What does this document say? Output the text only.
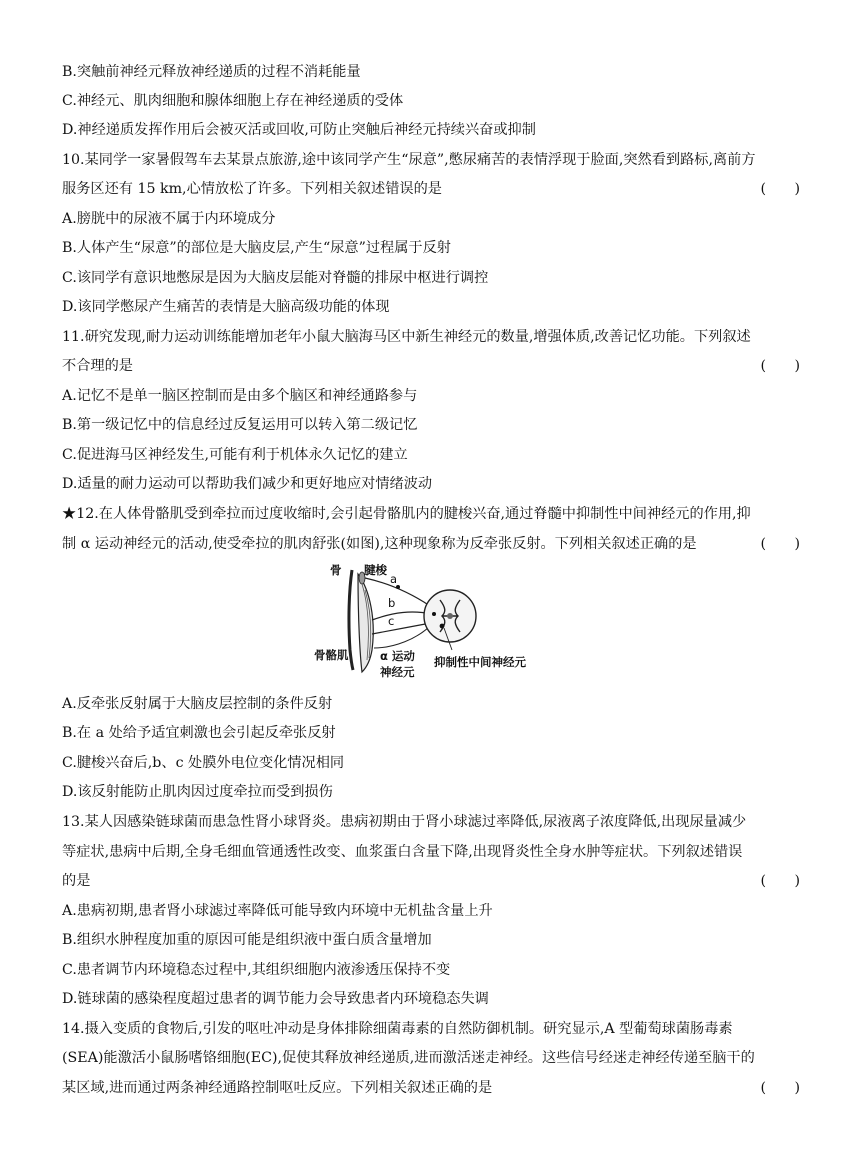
B.突触前神经元释放神经递质的过程不消耗能量
C.神经元、肌肉细胞和腺体细胞上存在神经递质的受体
D.神经递质发挥作用后会被灭活或回收,可防止突触后神经元持续兴奋或抑制
10.某同学一家暑假驾车去某景点旅游,途中该同学产生“尿意”,憋尿痛苦的表情浮现于脸面,突然看到路标,离前方
服务区还有 15 km,心情放松了许多。下列相关叙述错误的是	(　　)
A.膀胱中的尿液不属于内环境成分
B.人体产生“尿意”的部位是大脑皮层,产生“尿意”过程属于反射
C.该同学有意识地憋尿是因为大脑皮层能对脊髓的排尿中枢进行调控
D.该同学憋尿产生痛苦的表情是大脑高级功能的体现
11.研究发现,耐力运动训练能增加老年小鼠大脑海马区中新生神经元的数量,增强体质,改善记忆功能。下列叙述
不合理的是	(　　)
A.记忆不是单一脑区控制而是由多个脑区和神经通路参与
B.第一级记忆中的信息经过反复运用可以转入第二级记忆
C.促进海马区神经发生,可能有利于机体永久记忆的建立
D.适量的耐力运动可以帮助我们减少和更好地应对情绪波动
★12.在人体骨骼肌受到牵拉而过度收缩时,会引起骨骼肌内的腱梭兴奋,通过脊髓中抑制性中间神经元的作用,抑
制 α 运动神经元的活动,使受牵拉的肌肉舒张(如图),这种现象称为反牵张反射。下列相关叙述正确的是	(　　)
骨 腱梭
a
b
c
骨骼肌	α 运动
神经元
抑制性中间神经元
A.反牵张反射属于大脑皮层控制的条件反射
B.在 a 处给予适宜刺激也会引起反牵张反射
C.腱梭兴奋后,b、c 处膜外电位变化情况相同
D.该反射能防止肌肉因过度牵拉而受到损伤
13.某人因感染链球菌而患急性肾小球肾炎。患病初期由于肾小球滤过率降低,尿液离子浓度降低,出现尿量减少
等症状,患病中后期,全身毛细血管通透性改变、血浆蛋白含量下降,出现肾炎性全身水肿等症状。下列叙述错误
的是	(　　)
A.患病初期,患者肾小球滤过率降低可能导致内环境中无机盐含量上升
B.组织水肿程度加重的原因可能是组织液中蛋白质含量增加
C.患者调节内环境稳态过程中,其组织细胞内液渗透压保持不变
D.链球菌的感染程度超过患者的调节能力会导致患者内环境稳态失调
14.摄入变质的食物后,引发的呕吐冲动是身体排除细菌毒素的自然防御机制。研究显示,A 型葡萄球菌肠毒素
(SEA)能激活小鼠肠嗜铬细胞(EC),促使其释放神经递质,进而激活迷走神经。这些信号经迷走神经传递至脑干的
某区域,进而通过两条神经通路控制呕吐反应。下列相关叙述正确的是	(　　)
